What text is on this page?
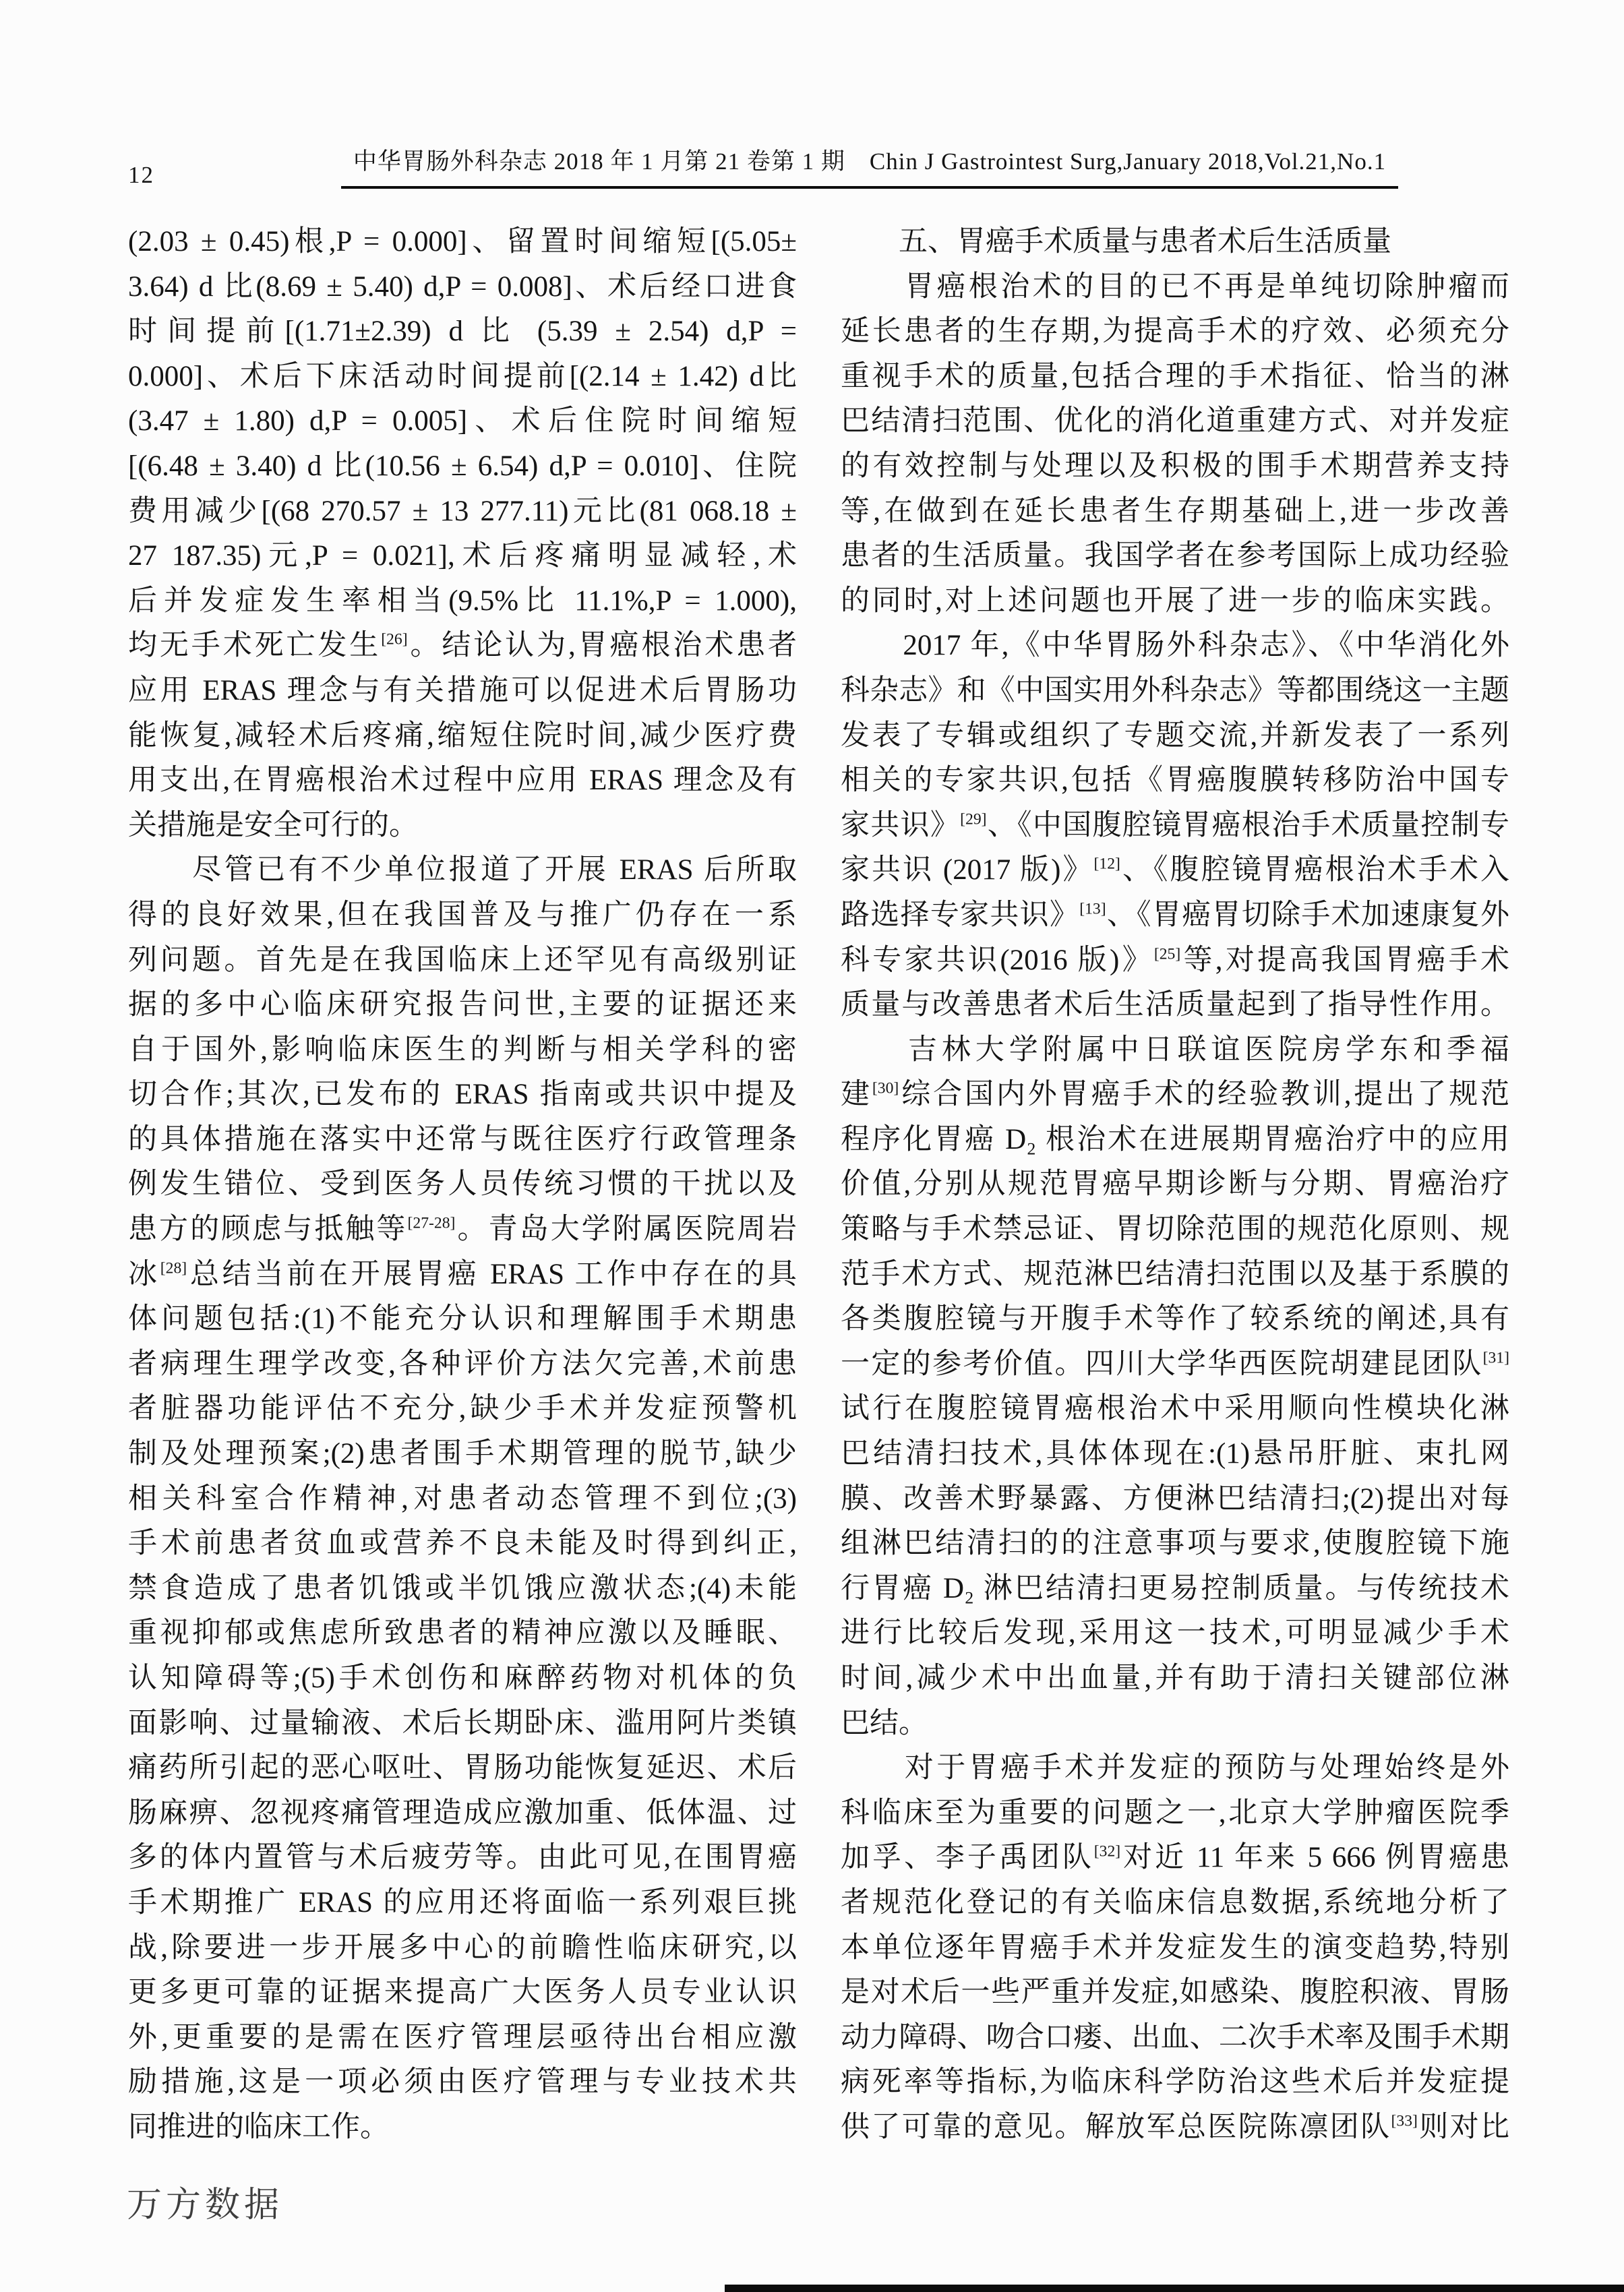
12
中华胃肠外科杂志 2018 年 1 月第 21 卷第 1 期　Chin J Gastrointest Surg,January 2018,Vol.21,No.1
(2.03 ± 0.45)根,P = 0.000]、留置时间缩短[(5.05±
3.64) d 比(8.69 ± 5.40) d,P = 0.008]、术后经口进食
时间提前[(1.71±2.39) d 比 (5.39 ± 2.54) d,P =
0.000]、术后下床活动时间提前[(2.14 ± 1.42) d比
(3.47 ± 1.80) d,P = 0.005]、术后住院时间缩短
[(6.48 ± 3.40) d 比(10.56 ± 6.54) d,P = 0.010]、住院
费用减少[(68 270.57 ± 13 277.11)元比(81 068.18 ±
27 187.35)元,P = 0.021],术后疼痛明显减轻,术
后并发症发生率相当(9.5%比 11.1%,P = 1.000),
均无手术死亡发生[26]。结论认为,胃癌根治术患者
应用 ERAS 理念与有关措施可以促进术后胃肠功
能恢复,减轻术后疼痛,缩短住院时间,减少医疗费
用支出,在胃癌根治术过程中应用 ERAS 理念及有
关措施是安全可行的。
　　尽管已有不少单位报道了开展 ERAS 后所取
得的良好效果,但在我国普及与推广仍存在一系
列问题。首先是在我国临床上还罕见有高级别证
据的多中心临床研究报告问世,主要的证据还来
自于国外,影响临床医生的判断与相关学科的密
切合作;其次,已发布的 ERAS 指南或共识中提及
的具体措施在落实中还常与既往医疗行政管理条
例发生错位、受到医务人员传统习惯的干扰以及
患方的顾虑与抵触等[27-28]。青岛大学附属医院周岩
冰[28]总结当前在开展胃癌 ERAS 工作中存在的具
体问题包括:(1)不能充分认识和理解围手术期患
者病理生理学改变,各种评价方法欠完善,术前患
者脏器功能评估不充分,缺少手术并发症预警机
制及处理预案;(2)患者围手术期管理的脱节,缺少
相关科室合作精神,对患者动态管理不到位;(3)
手术前患者贫血或营养不良未能及时得到纠正,
禁食造成了患者饥饿或半饥饿应激状态;(4)未能
重视抑郁或焦虑所致患者的精神应激以及睡眠、
认知障碍等;(5)手术创伤和麻醉药物对机体的负
面影响、过量输液、术后长期卧床、滥用阿片类镇
痛药所引起的恶心呕吐、胃肠功能恢复延迟、术后
肠麻痹、忽视疼痛管理造成应激加重、低体温、过
多的体内置管与术后疲劳等。由此可见,在围胃癌
手术期推广 ERAS 的应用还将面临一系列艰巨挑
战,除要进一步开展多中心的前瞻性临床研究,以
更多更可靠的证据来提高广大医务人员专业认识
外,更重要的是需在医疗管理层亟待出台相应激
励措施,这是一项必须由医疗管理与专业技术共
同推进的临床工作。
　　五、胃癌手术质量与患者术后生活质量
　　胃癌根治术的目的已不再是单纯切除肿瘤而
延长患者的生存期,为提高手术的疗效、必须充分
重视手术的质量,包括合理的手术指征、恰当的淋
巴结清扫范围、优化的消化道重建方式、对并发症
的有效控制与处理以及积极的围手术期营养支持
等,在做到在延长患者生存期基础上,进一步改善
患者的生活质量。我国学者在参考国际上成功经验
的同时,对上述问题也开展了进一步的临床实践。
　　2017 年,《中华胃肠外科杂志》、《中华消化外
科杂志》和《中国实用外科杂志》等都围绕这一主题
发表了专辑或组织了专题交流,并新发表了一系列
相关的专家共识,包括《胃癌腹膜转移防治中国专
家共识》[29]、《中国腹腔镜胃癌根治手术质量控制专
家共识 (2017 版)》[12]、《腹腔镜胃癌根治术手术入
路选择专家共识》[13]、《胃癌胃切除手术加速康复外
科专家共识(2016 版)》[25]等,对提高我国胃癌手术
质量与改善患者术后生活质量起到了指导性作用。
　　吉林大学附属中日联谊医院房学东和季福
建[30]综合国内外胃癌手术的经验教训,提出了规范
程序化胃癌 D₂ 根治术在进展期胃癌治疗中的应用
价值,分别从规范胃癌早期诊断与分期、胃癌治疗
策略与手术禁忌证、胃切除范围的规范化原则、规
范手术方式、规范淋巴结清扫范围以及基于系膜的
各类腹腔镜与开腹手术等作了较系统的阐述,具有
一定的参考价值。四川大学华西医院胡建昆团队[31]
试行在腹腔镜胃癌根治术中采用顺向性模块化淋
巴结清扫技术,具体体现在:(1)悬吊肝脏、束扎网
膜、改善术野暴露、方便淋巴结清扫;(2)提出对每
组淋巴结清扫的的注意事项与要求,使腹腔镜下施
行胃癌 D₂ 淋巴结清扫更易控制质量。与传统技术
进行比较后发现,采用这一技术,可明显减少手术
时间,减少术中出血量,并有助于清扫关键部位淋
巴结。
　　对于胃癌手术并发症的预防与处理始终是外
科临床至为重要的问题之一,北京大学肿瘤医院季
加孚、李子禹团队[32]对近 11 年来 5 666 例胃癌患
者规范化登记的有关临床信息数据,系统地分析了
本单位逐年胃癌手术并发症发生的演变趋势,特别
是对术后一些严重并发症,如感染、腹腔积液、胃肠
动力障碍、吻合口瘘、出血、二次手术率及围手术期
病死率等指标,为临床科学防治这些术后并发症提
供了可靠的意见。解放军总医院陈凛团队[33]则对比
万方数据
